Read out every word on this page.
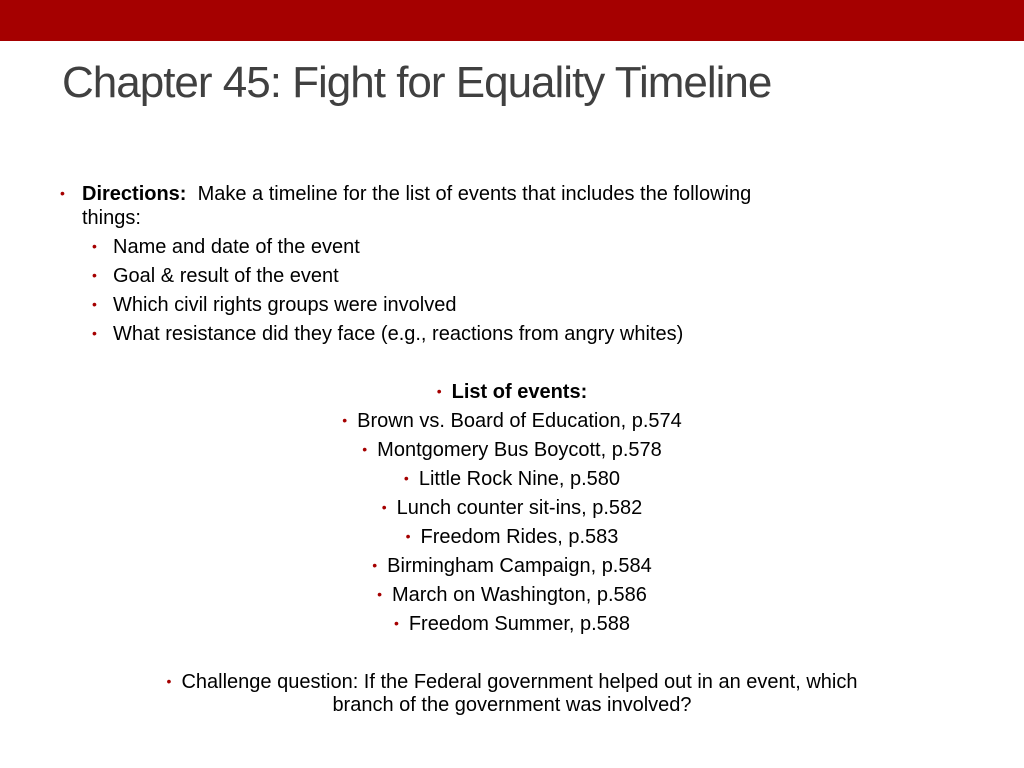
Chapter 45: Fight for Equality Timeline
• Directions: Make a timeline for the list of events that includes the following
things:
• Name and date of the event
• Goal & result of the event
• Which civil rights groups were involved
• What resistance did they face (e.g., reactions from angry whites)
• List of events:
• Brown vs. Board of Education, p.574
• Montgomery Bus Boycott, p.578
• Little Rock Nine, p.580
• Lunch counter sit-ins, p.582
• Freedom Rides, p.583
• Birmingham Campaign, p.584
• March on Washington, p.586
• Freedom Summer, p.588
• Challenge question: If the Federal government helped out in an event, which
branch of the government was involved?
